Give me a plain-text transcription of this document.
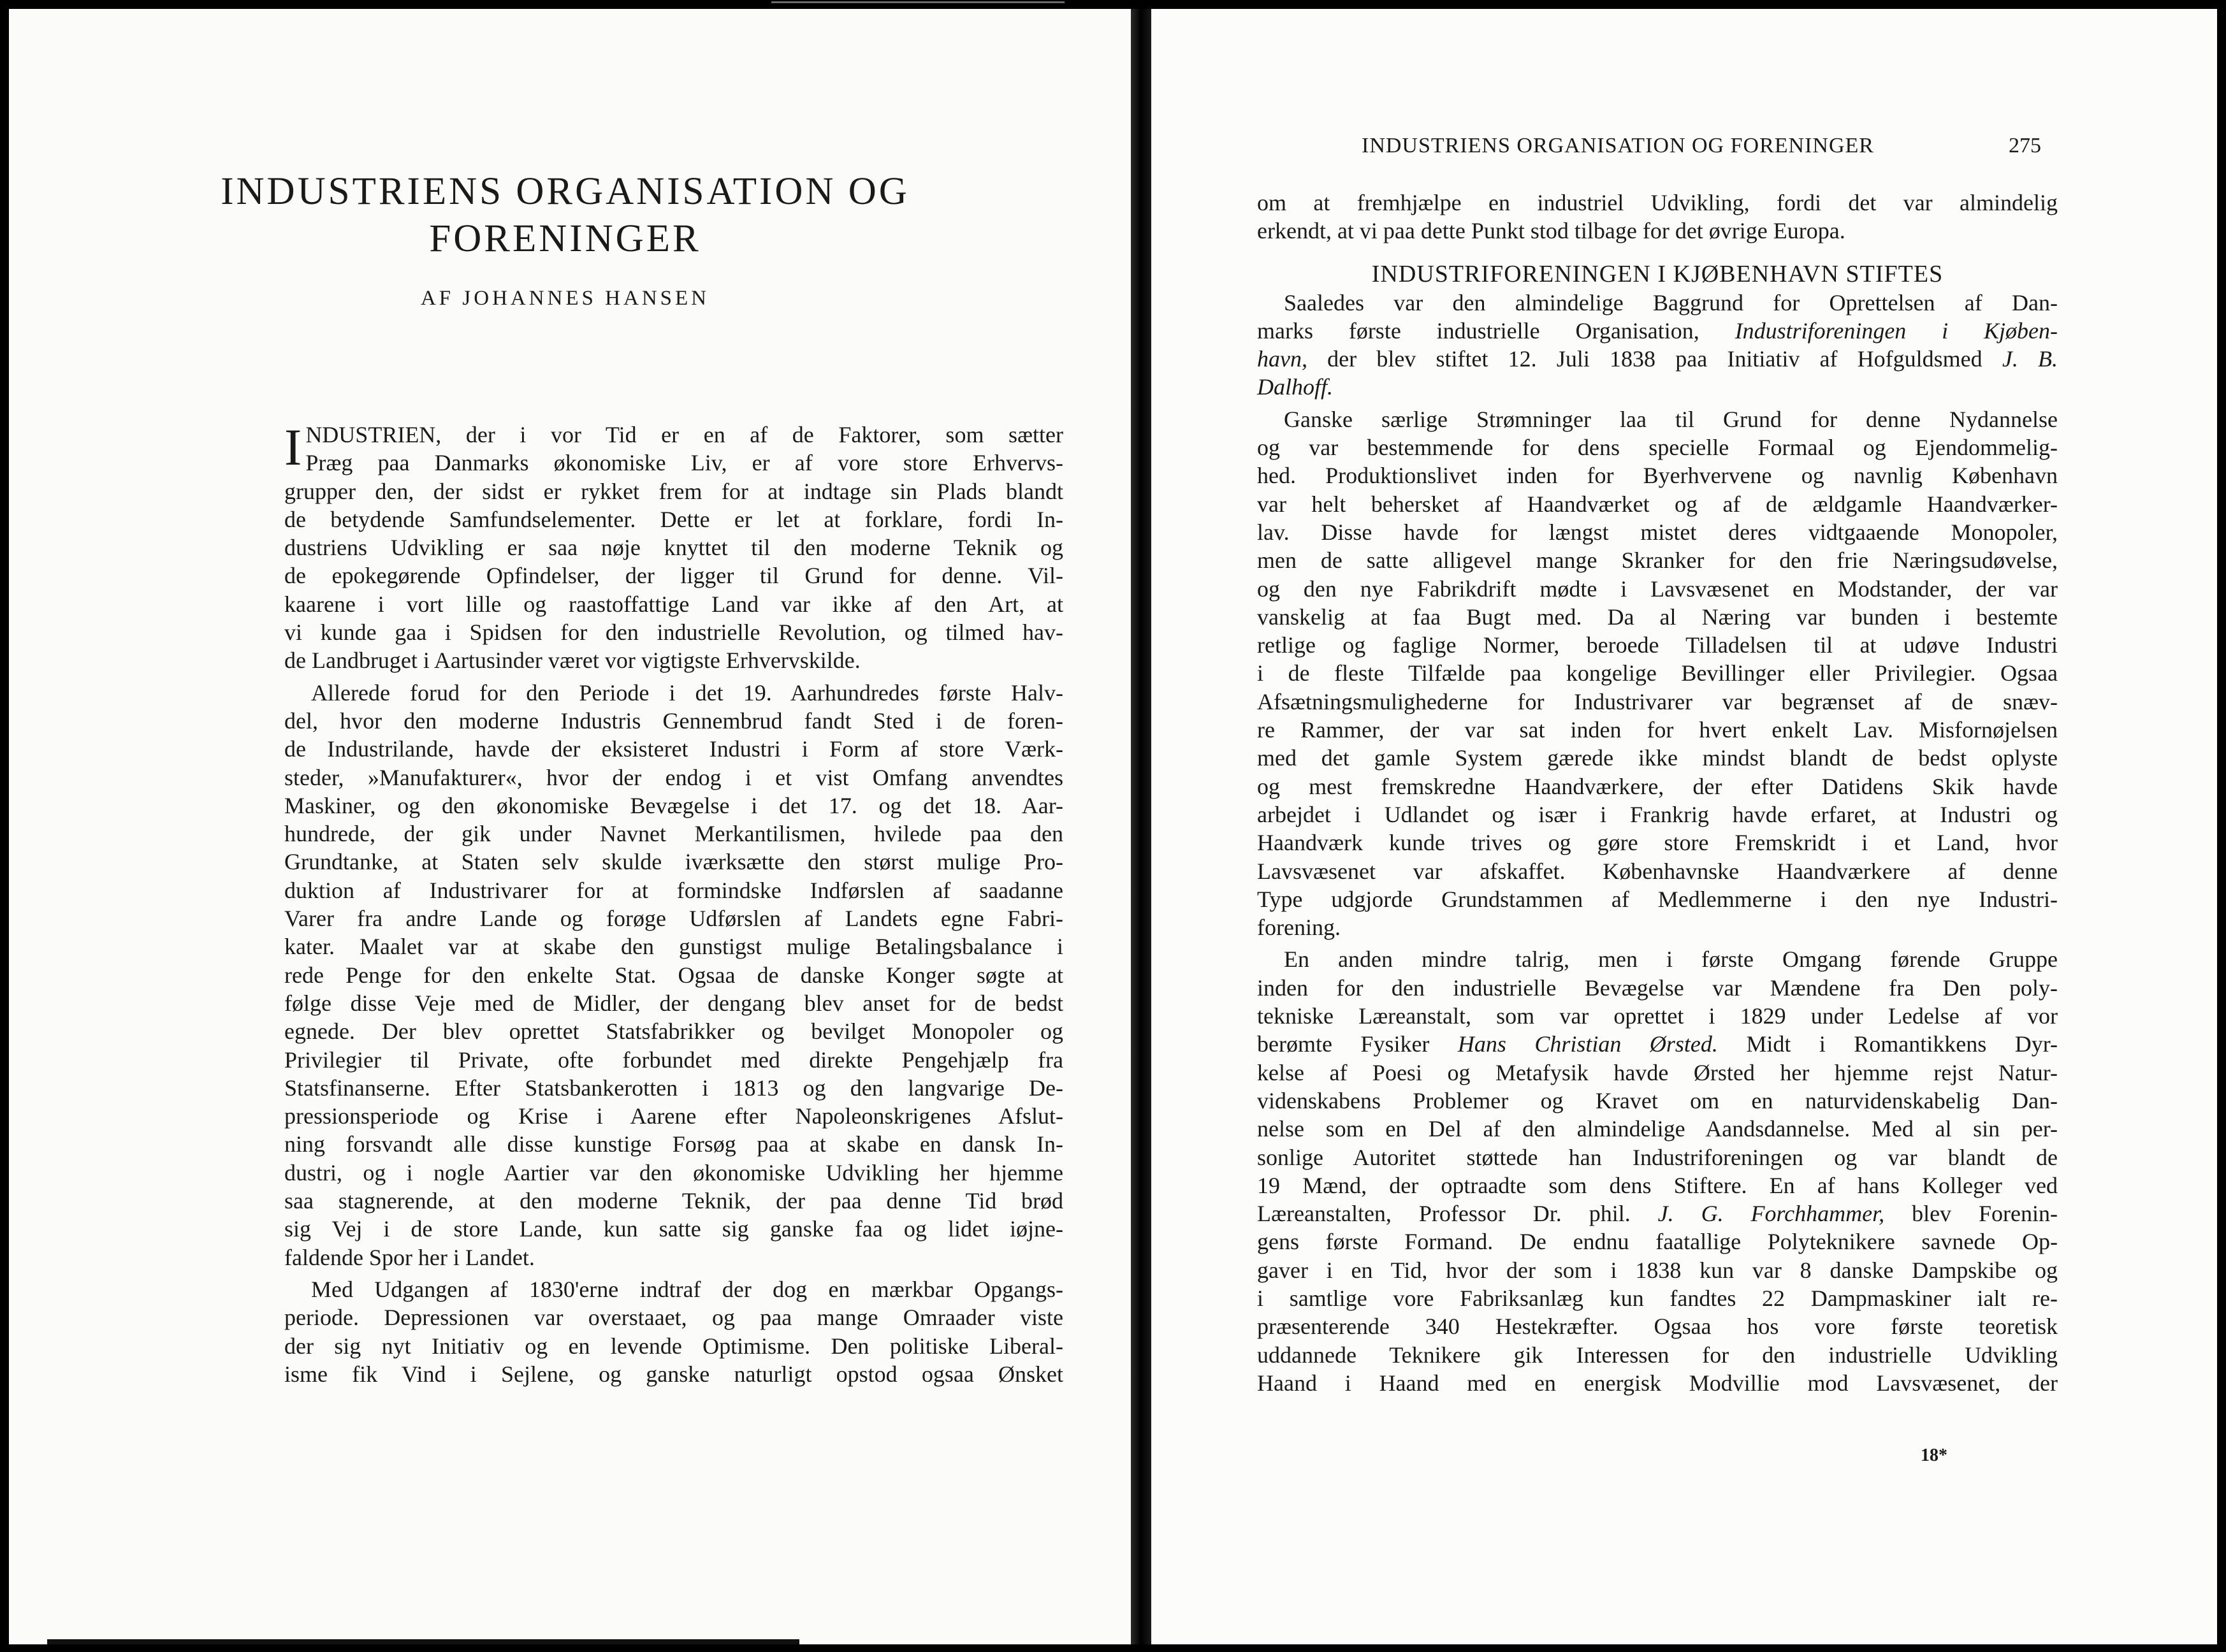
INDUSTRIENS ORGANISATION OG
FORENINGER
AF JOHANNES HANSEN
I NDUSTRIEN, der i vor Tid er en af de Faktorer, som sætter
Præg paa Danmarks økonomiske Liv, er af vore store Erhvervs-
grupper den, der sidst er rykket frem for at indtage sin Plads blandt
de betydende Samfundselementer. Dette er let at forklare, fordi In-
dustriens Udvikling er saa nøje knyttet til den moderne Teknik og
de epokegørende Opfindelser, der ligger til Grund for denne. Vil-
kaarene i vort lille og raastoffattige Land var ikke af den Art, at
vi kunde gaa i Spidsen for den industrielle Revolution, og tilmed hav-
de Landbruget i Aartusinder været vor vigtigste Erhvervskilde.
Allerede forud for den Periode i det 19. Aarhundredes første Halv-
del, hvor den moderne Industris Gennembrud fandt Sted i de foren-
de Industrilande, havde der eksisteret Industri i Form af store Værk-
steder, »Manufakturer«, hvor der endog i et vist Omfang anvendtes
Maskiner, og den økonomiske Bevægelse i det 17. og det 18. Aar-
hundrede, der gik under Navnet Merkantilismen, hvilede paa den
Grundtanke, at Staten selv skulde iværksætte den størst mulige Pro-
duktion af Industrivarer for at formindske Indførslen af saadanne
Varer fra andre Lande og forøge Udførslen af Landets egne Fabri-
kater. Maalet var at skabe den gunstigst mulige Betalingsbalance i
rede Penge for den enkelte Stat. Ogsaa de danske Konger søgte at
følge disse Veje med de Midler, der dengang blev anset for de bedst
egnede. Der blev oprettet Statsfabrikker og bevilget Monopoler og
Privilegier til Private, ofte forbundet med direkte Pengehjælp fra
Statsfinanserne. Efter Statsbankerotten i 1813 og den langvarige De-
pressionsperiode og Krise i Aarene efter Napoleonskrigenes Afslut-
ning forsvandt alle disse kunstige Forsøg paa at skabe en dansk In-
dustri, og i nogle Aartier var den økonomiske Udvikling her hjemme
saa stagnerende, at den moderne Teknik, der paa denne Tid brød
sig Vej i de store Lande, kun satte sig ganske faa og lidet iøjne-
faldende Spor her i Landet.
Med Udgangen af 1830'erne indtraf der dog en mærkbar Opgangs-
periode. Depressionen var overstaaet, og paa mange Omraader viste
der sig nyt Initiativ og en levende Optimisme. Den politiske Liberal-
isme fik Vind i Sejlene, og ganske naturligt opstod ogsaa Ønsket
INDUSTRIENS ORGANISATION OG FORENINGER	275
om at fremhjælpe en industriel Udvikling, fordi det var almindelig
erkendt, at vi paa dette Punkt stod tilbage for det øvrige Europa.
INDUSTRIFORENINGEN I KJØBENHAVN STIFTES
Saaledes var den almindelige Baggrund for Oprettelsen af Dan-
marks første industrielle Organisation, Industriforeningen i Kjøben-
havn, der blev stiftet 12. Juli 1838 paa Initiativ af Hofguldsmed J. B.
Dalhoff.
Ganske særlige Strømninger laa til Grund for denne Nydannelse
og var bestemmende for dens specielle Formaal og Ejendommelig-
hed. Produktionslivet inden for Byerhvervene og navnlig København
var helt behersket af Haandværket og af de ældgamle Haandværker-
lav. Disse havde for længst mistet deres vidtgaaende Monopoler,
men de satte alligevel mange Skranker for den frie Næringsudøvelse,
og den nye Fabrikdrift mødte i Lavsvæsenet en Modstander, der var
vanskelig at faa Bugt med. Da al Næring var bunden i bestemte
retlige og faglige Normer, beroede Tilladelsen til at udøve Industri
i de fleste Tilfælde paa kongelige Bevillinger eller Privilegier. Ogsaa
Afsætningsmulighederne for Industrivarer var begrænset af de snæv-
re Rammer, der var sat inden for hvert enkelt Lav. Misfornøjelsen
med det gamle System gærede ikke mindst blandt de bedst oplyste
og mest fremskredne Haandværkere, der efter Datidens Skik havde
arbejdet i Udlandet og især i Frankrig havde erfaret, at Industri og
Haandværk kunde trives og gøre store Fremskridt i et Land, hvor
Lavsvæsenet var afskaffet. Københavnske Haandværkere af denne
Type udgjorde Grundstammen af Medlemmerne i den nye Industri-
forening.
En anden mindre talrig, men i første Omgang førende Gruppe
inden for den industrielle Bevægelse var Mændene fra Den poly-
tekniske Læreanstalt, som var oprettet i 1829 under Ledelse af vor
berømte Fysiker Hans Christian Ørsted. Midt i Romantikkens Dyr-
kelse af Poesi og Metafysik havde Ørsted her hjemme rejst Natur-
videnskabens Problemer og Kravet om en naturvidenskabelig Dan-
nelse som en Del af den almindelige Aandsdannelse. Med al sin per-
sonlige Autoritet støttede han Industriforeningen og var blandt de
19 Mænd, der optraadte som dens Stiftere. En af hans Kolleger ved
Læreanstalten, Professor Dr. phil. J. G. Forchhammer, blev Forenin-
gens første Formand. De endnu faatallige Polyteknikere savnede Op-
gaver i en Tid, hvor der som i 1838 kun var 8 danske Dampskibe og
i samtlige vore Fabriksanlæg kun fandtes 22 Dampmaskiner ialt re-
præsenterende 340 Hestekræfter. Ogsaa hos vore første teoretisk
uddannede Teknikere gik Interessen for den industrielle Udvikling
Haand i Haand med en energisk Modvillie mod Lavsvæsenet, der
18*
